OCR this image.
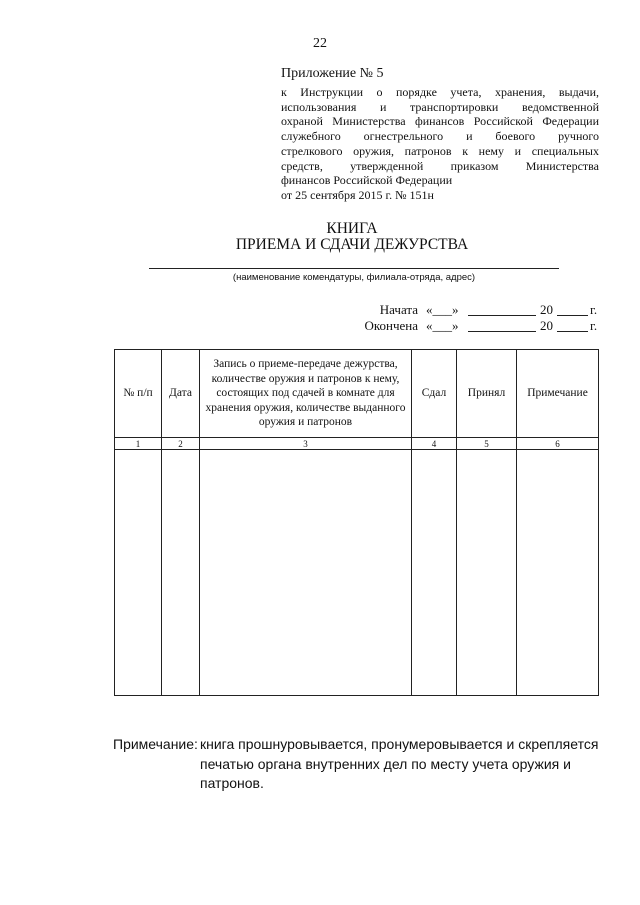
22
Приложение № 5
к Инструкции о порядке учета, хранения, выдачи,
использования и транспортировки ведомственной
охраной Министерства финансов Российской Федерации
служебного огнестрельного и боевого ручного
стрелкового оружия, патронов к нему и специальных
средств, утвержденной приказом Министерства
финансов Российской Федерации
от 25 сентября 2015 г. № 151н
КНИГА
ПРИЕМА И СДАЧИ ДЕЖУРСТВА
(наименование комендатуры, филиала-отряда, адрес)
Начата «___»	20	г.
Окончена «___»	20	г.
№ п/п	Дата	Запись о приеме-передаче дежурства, количестве оружия и патронов к нему, состоящих под сдачей в комнате для хранения оружия, количестве выданного оружия и патронов	Сдал	Принял	Примечание
1	2	3	4	5	6

Примечание: книга прошнуровывается, пронумеровывается и скрепляется
печатью органа внутренних дел по месту учета оружия и
патронов.
